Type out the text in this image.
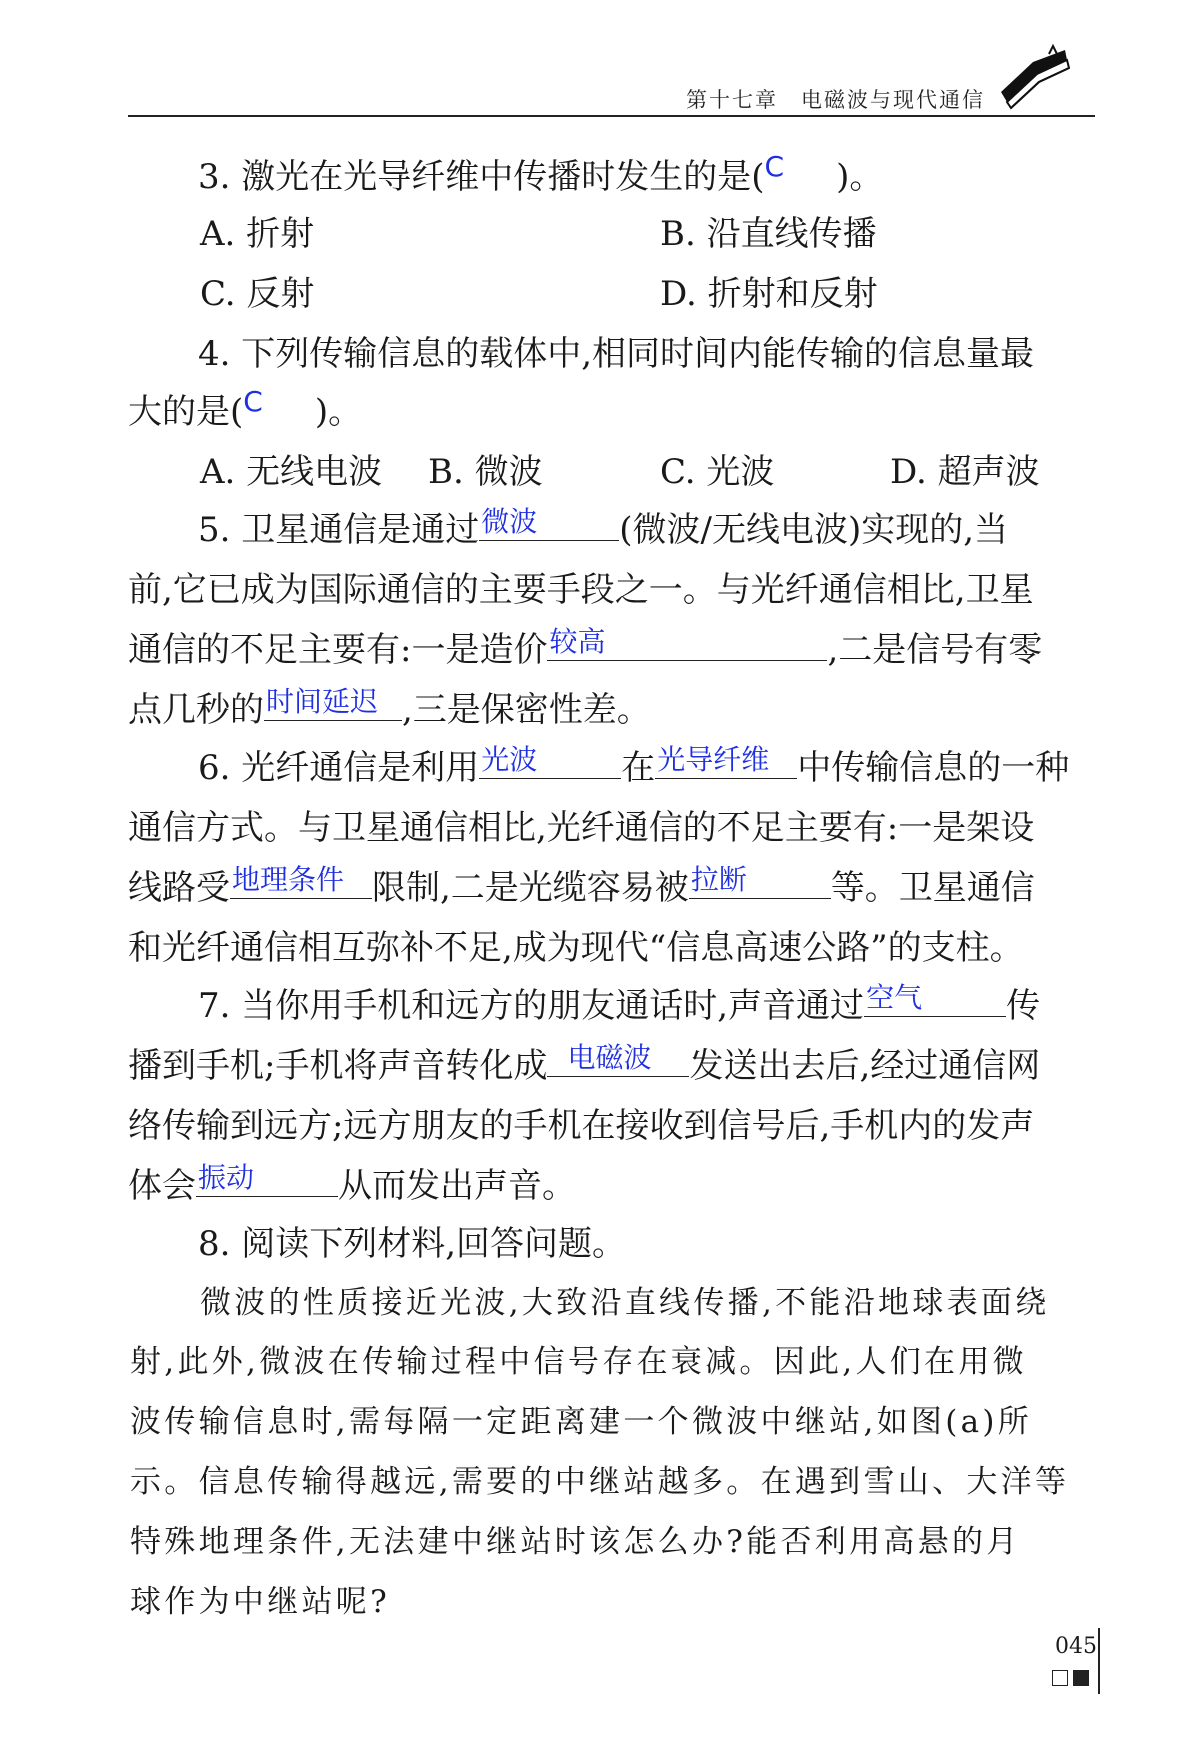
第十七章　电磁波与现代通信
3. 激光在光导纤维中传播时发生的是($^C$ )。
A. 折射	B. 沿直线传播
C. 反射	D. 折射和反射
4. 下列传输信息的载体中,相同时间内能传输的信息量最
大的是($^C$ )。
A. 无线电波 B. 微波	C. 光波	D. 超声波
5. 卫星通信是通过 微波 (微波/无线电波)实现的,当
前,它已成为国际通信的主要手段之一。与光纤通信相比,卫星
通信的不足主要有:一是造价 较高	,二是信号有零
点几秒的 时间延迟 ,三是保密性差。
6. 光纤通信是利用 光波 在 光导纤维 中传输信息的一种
通信方式。与卫星通信相比,光纤通信的不足主要有:一是架设
线路受 地理条件 限制,二是光缆容易被 拉断 等。卫星通信
和光纤通信相互弥补不足,成为现代“信息高速公路”的支柱。
7. 当你用手机和远方的朋友通话时,声音通过 空气 传
播到手机;手机将声音转化成 电磁波 发送出去后,经过通信网
络传输到远方;远方朋友的手机在接收到信号后,手机内的发声
体会 振动 从而发出声音。
8. 阅读下列材料,回答问题。
微波的性质接近光波,大致沿直线传播,不能沿地球表面绕
射,此外,微波在传输过程中信号存在衰减。因此,人们在用微
波传输信息时,需每隔一定距离建一个微波中继站,如图(a)所
示。信息传输得越远,需要的中继站越多。在遇到雪山、大洋等
特殊地理条件,无法建中继站时该怎么办?能否利用高悬的月
球作为中继站呢?
045
